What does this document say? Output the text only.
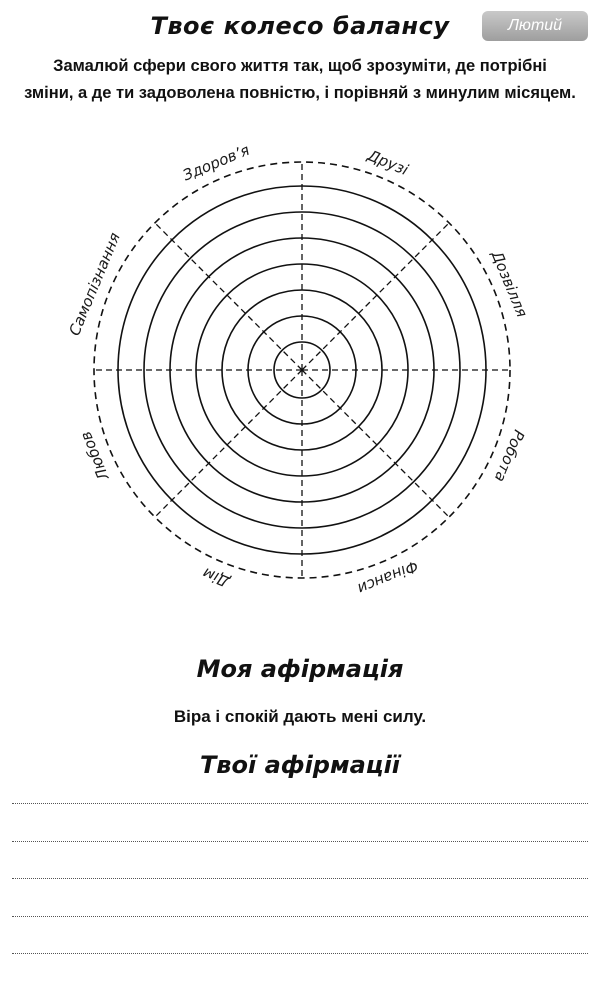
Твоє колесо балансу	Лютий
Замалюй сфери свого життя так, щоб зрозуміти, де потрібні
зміни, а де ти задоволена повністю, і порівняй з минулим місяцем.
Здоров’я	Друзі
Дозвілля
Робота
Фінанси
Дім
Любов
Самопізнання
Моя афірмація
Віра і спокій дають мені силу.
Твої афірмації
